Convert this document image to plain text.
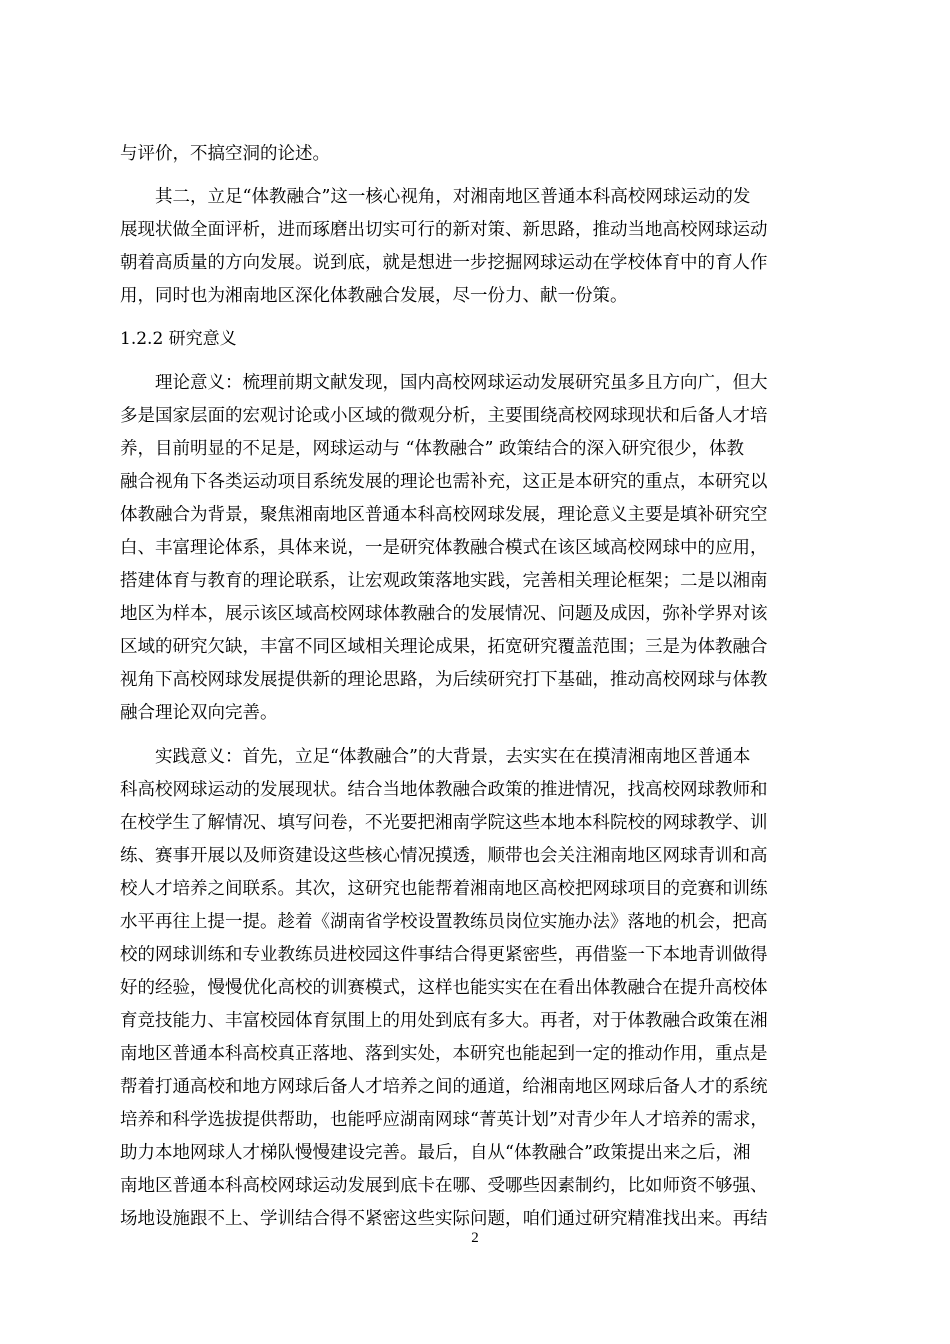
与评价，不搞空洞的论述。

其二，立足“体教融合”这一核心视角，对湘南地区普通本科高校网球运动的发

展现状做全面评析，进而琢磨出切实可行的新对策、新思路，推动当地高校网球运动

朝着高质量的方向发展。说到底，就是想进一步挖掘网球运动在学校体育中的育人作

用，同时也为湘南地区深化体教融合发展，尽一份力、献一份策。

1.2.2 研究意义

理论意义：梳理前期文献发现，国内高校网球运动发展研究虽多且方向广，但大

多是国家层面的宏观讨论或小区域的微观分析，主要围绕高校网球现状和后备人才培

养，目前明显的不足是，网球运动与 “体教融合” 政策结合的深入研究很少，体教

融合视角下各类运动项目系统发展的理论也需补充，这正是本研究的重点，本研究以

体教融合为背景，聚焦湘南地区普通本科高校网球发展，理论意义主要是填补研究空

白、丰富理论体系，具体来说，一是研究体教融合模式在该区域高校网球中的应用，

搭建体育与教育的理论联系，让宏观政策落地实践，完善相关理论框架；二是以湘南

地区为样本，展示该区域高校网球体教融合的发展情况、问题及成因，弥补学界对该

区域的研究欠缺，丰富不同区域相关理论成果，拓宽研究覆盖范围；三是为体教融合

视角下高校网球发展提供新的理论思路，为后续研究打下基础，推动高校网球与体教

融合理论双向完善。

实践意义：首先，立足“体教融合”的大背景，去实实在在摸清湘南地区普通本

科高校网球运动的发展现状。结合当地体教融合政策的推进情况，找高校网球教师和

在校学生了解情况、填写问卷，不光要把湘南学院这些本地本科院校的网球教学、训

练、赛事开展以及师资建设这些核心情况摸透，顺带也会关注湘南地区网球青训和高

校人才培养之间联系。其次，这研究也能帮着湘南地区高校把网球项目的竞赛和训练

水平再往上提一提。趁着《湖南省学校设置教练员岗位实施办法》落地的机会，把高

校的网球训练和专业教练员进校园这件事结合得更紧密些，再借鉴一下本地青训做得

好的经验，慢慢优化高校的训赛模式，这样也能实实在在看出体教融合在提升高校体

育竞技能力、丰富校园体育氛围上的用处到底有多大。再者，对于体教融合政策在湘

南地区普通本科高校真正落地、落到实处，本研究也能起到一定的推动作用，重点是

帮着打通高校和地方网球后备人才培养之间的通道，给湘南地区网球后备人才的系统

培养和科学选拔提供帮助，也能呼应湖南网球“菁英计划”对青少年人才培养的需求，

助力本地网球人才梯队慢慢建设完善。最后，自从“体教融合”政策提出来之后，湘

南地区普通本科高校网球运动发展到底卡在哪、受哪些因素制约，比如师资不够强、

场地设施跟不上、学训结合得不紧密这些实际问题，咱们通过研究精准找出来。再结

2
